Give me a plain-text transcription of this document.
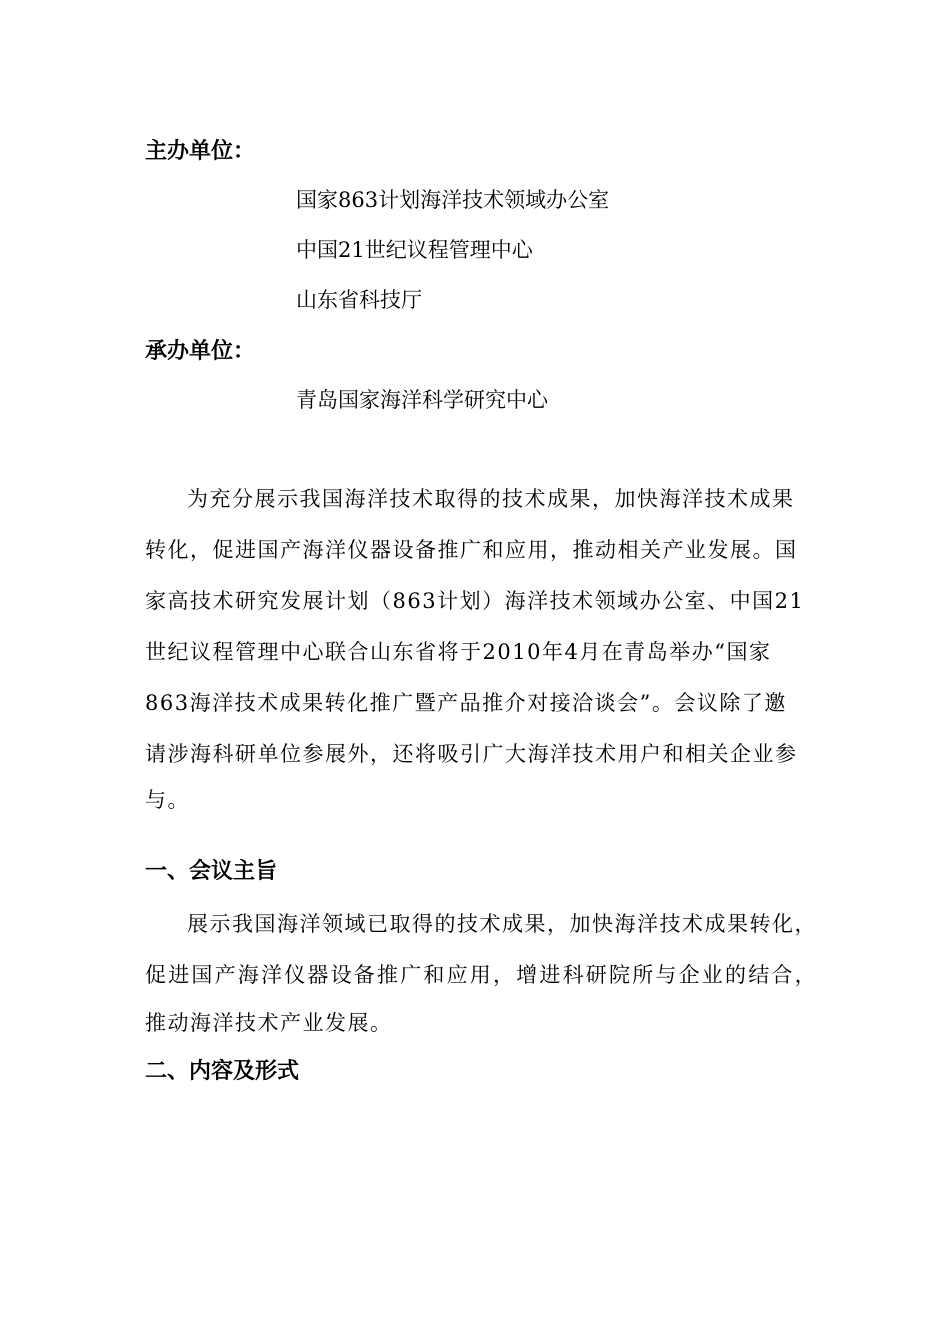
主办单位：
国家863计划海洋技术领域办公室
中国21世纪议程管理中心
山东省科技厅
承办单位：
青岛国家海洋科学研究中心
为充分展示我国海洋技术取得的技术成果，加快海洋技术成果
转化，促进国产海洋仪器设备推广和应用，推动相关产业发展。国
家高技术研究发展计划（863计划）海洋技术领域办公室、中国21
世纪议程管理中心联合山东省将于2010年4月在青岛举办“国家
863海洋技术成果转化推广暨产品推介对接洽谈会”。会议除了邀
请涉海科研单位参展外，还将吸引广大海洋技术用户和相关企业参
与。
一、会议主旨
展示我国海洋领域已取得的技术成果，加快海洋技术成果转化，
促进国产海洋仪器设备推广和应用，增进科研院所与企业的结合，
推动海洋技术产业发展。
二、内容及形式
